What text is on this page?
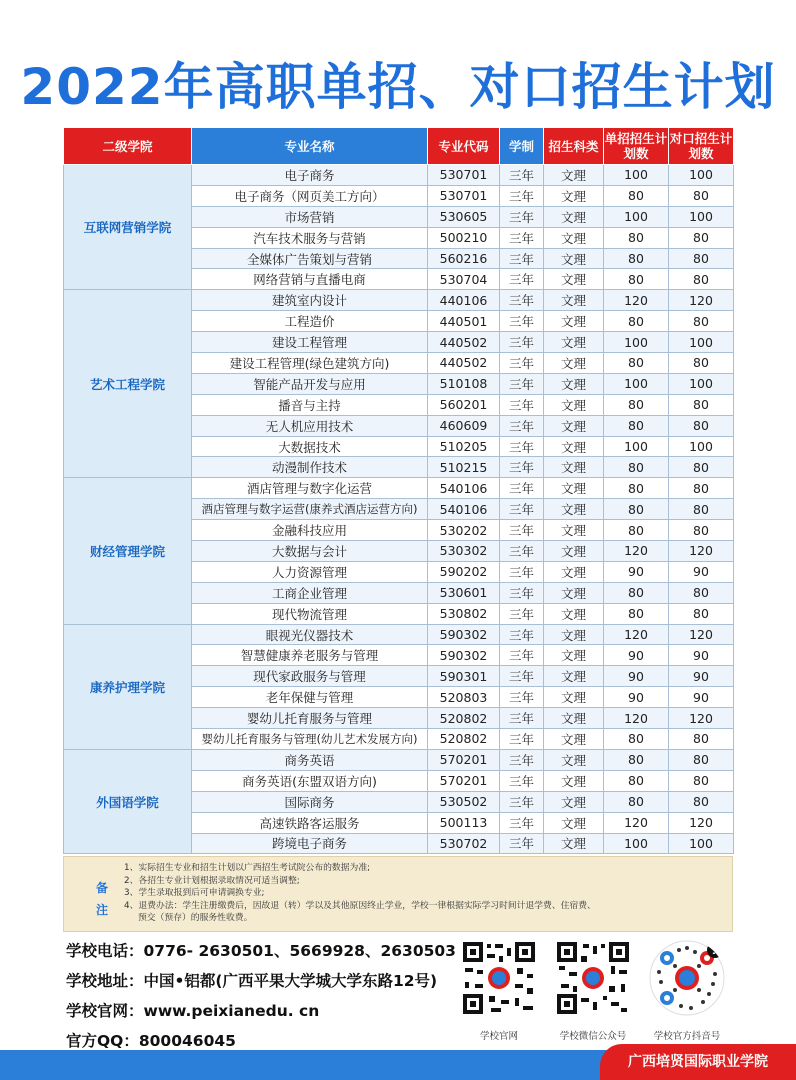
2022年高职单招、对口招生计划
二级学院	专业名称	专业代码	学制	招生科类	单招招生计划数	对口招生计划数
互联网营销学院	电子商务	530701	三年	文理	100	100
	电子商务（网页美工方向）	530701	三年	文理	80	80
	市场营销	530605	三年	文理	100	100
	汽车技术服务与营销	500210	三年	文理	80	80
	全媒体广告策划与营销	560216	三年	文理	80	80
	网络营销与直播电商	530704	三年	文理	80	80
艺术工程学院	建筑室内设计	440106	三年	文理	120	120
	工程造价	440501	三年	文理	80	80
	建设工程管理	440502	三年	文理	100	100
	建设工程管理(绿色建筑方向)	440502	三年	文理	80	80
	智能产品开发与应用	510108	三年	文理	100	100
	播音与主持	560201	三年	文理	80	80
	无人机应用技术	460609	三年	文理	80	80
	大数据技术	510205	三年	文理	100	100
	动漫制作技术	510215	三年	文理	80	80
财经管理学院	酒店管理与数字化运营	540106	三年	文理	80	80
	酒店管理与数字运营(康养式酒店运营方向)	540106	三年	文理	80	80
	金融科技应用	530202	三年	文理	80	80
	大数据与会计	530302	三年	文理	120	120
	人力资源管理	590202	三年	文理	90	90
	工商企业管理	530601	三年	文理	80	80
	现代物流管理	530802	三年	文理	80	80
康养护理学院	眼视光仪器技术	590302	三年	文理	120	120
	智慧健康养老服务与管理	590302	三年	文理	90	90
	现代家政服务与管理	590301	三年	文理	90	90
	老年保健与管理	520803	三年	文理	90	90
	婴幼儿托育服务与管理	520802	三年	文理	120	120
	婴幼儿托育服务与管理(幼儿艺术发展方向)	520802	三年	文理	80	80
外国语学院	商务英语	570201	三年	文理	80	80
	商务英语(东盟双语方向)	570201	三年	文理	80	80
	国际商务	530502	三年	文理	80	80
	高速铁路客运服务	500113	三年	文理	120	120
	跨境电子商务	530702	三年	文理	100	100
备
注
1、实际招生专业和招生计划以广西招生考试院公布的数据为准;
2、各招生专业计划根据录取情况可适当调整;
3、学生录取报到后可申请调换专业;
4、退费办法：学生注册缴费后，因故退（转）学以及其他原因终止学业，学校一律根据实际学习时间计退学费、住宿费、
预交（预存）的服务性收费。
学校电话：0776- 2630501、5669928、2630503
学校地址：中国•铝都(广西平果大学城大学东路12号)
学校官网：www.peixianedu. cn
官方QQ：800046045	学校官网	学校微信公众号
♪
学校官方抖音号
广西培贤国际职业学院
